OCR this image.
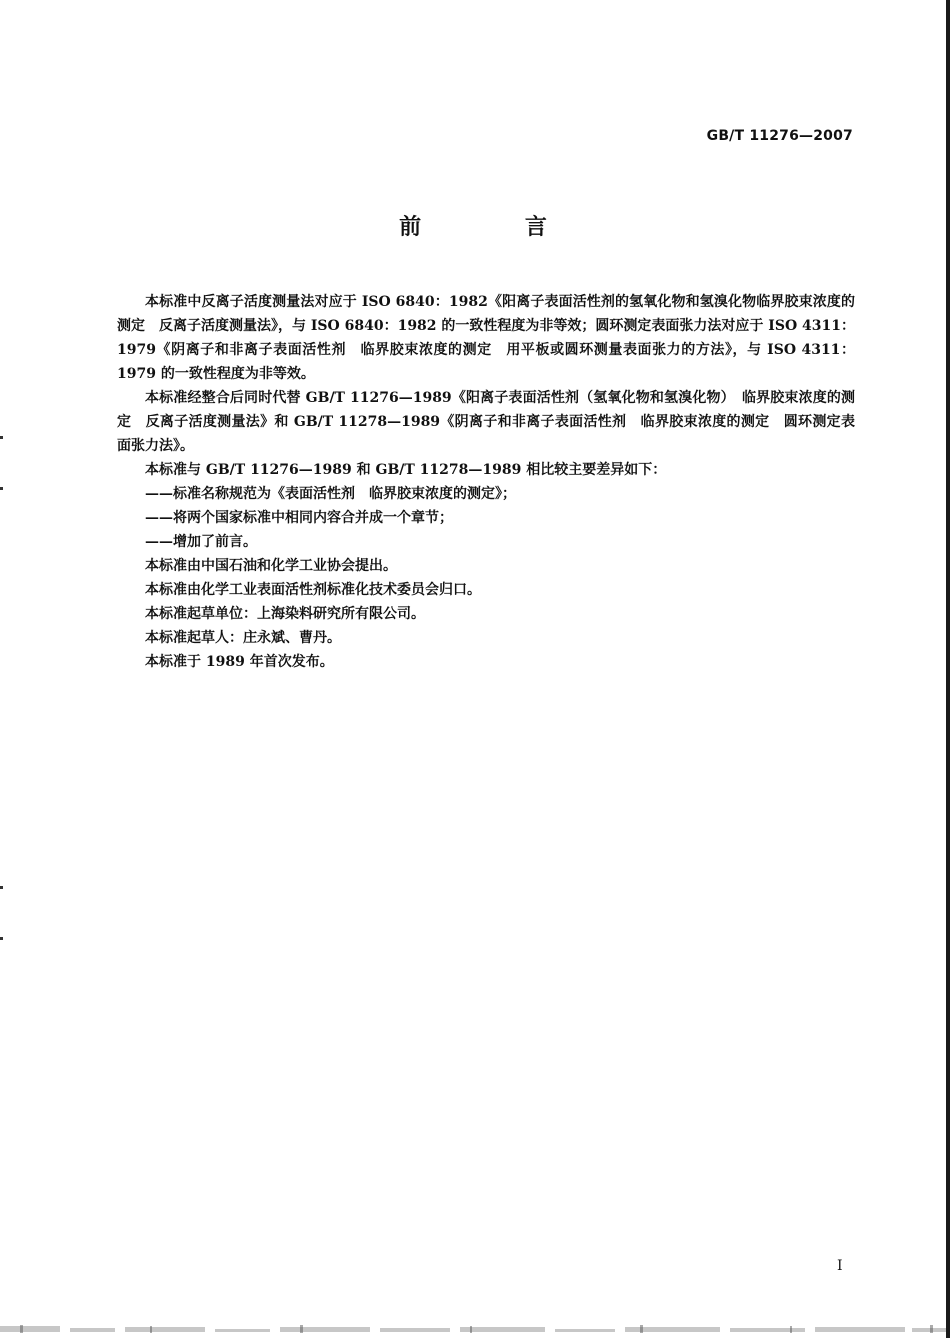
GB/T 11276—2007
前 言

本标准中反离子活度测量法对应于 ISO 6840：1982《阳离子表面活性剂的氢氧化物和氢溴化物临界胶束浓度的测定　反离子活度测量法》，与 ISO 6840：1982 的一致性程度为非等效；圆环测定表面张力法对应于 ISO 4311：1979《阴离子和非离子表面活性剂　临界胶束浓度的测定　用平板或圆环测量表面张力的方法》，与 ISO 4311：1979 的一致性程度为非等效。

本标准经整合后同时代替 GB/T 11276—1989《阳离子表面活性剂（氢氧化物和氢溴化物）　临界胶束浓度的测定　反离子活度测量法》和 GB/T 11278—1989《阴离子和非离子表面活性剂　临界胶束浓度的测定　圆环测定表面张力法》。

本标准与 GB/T 11276—1989 和 GB/T 11278—1989 相比较主要差异如下：

——标准名称规范为《表面活性剂　临界胶束浓度的测定》；

——将两个国家标准中相同内容合并成一个章节；

——增加了前言。

本标准由中国石油和化学工业协会提出。

本标准由化学工业表面活性剂标准化技术委员会归口。

本标准起草单位：上海染料研究所有限公司。

本标准起草人：庄永斌、曹丹。

本标准于 1989 年首次发布。

I
